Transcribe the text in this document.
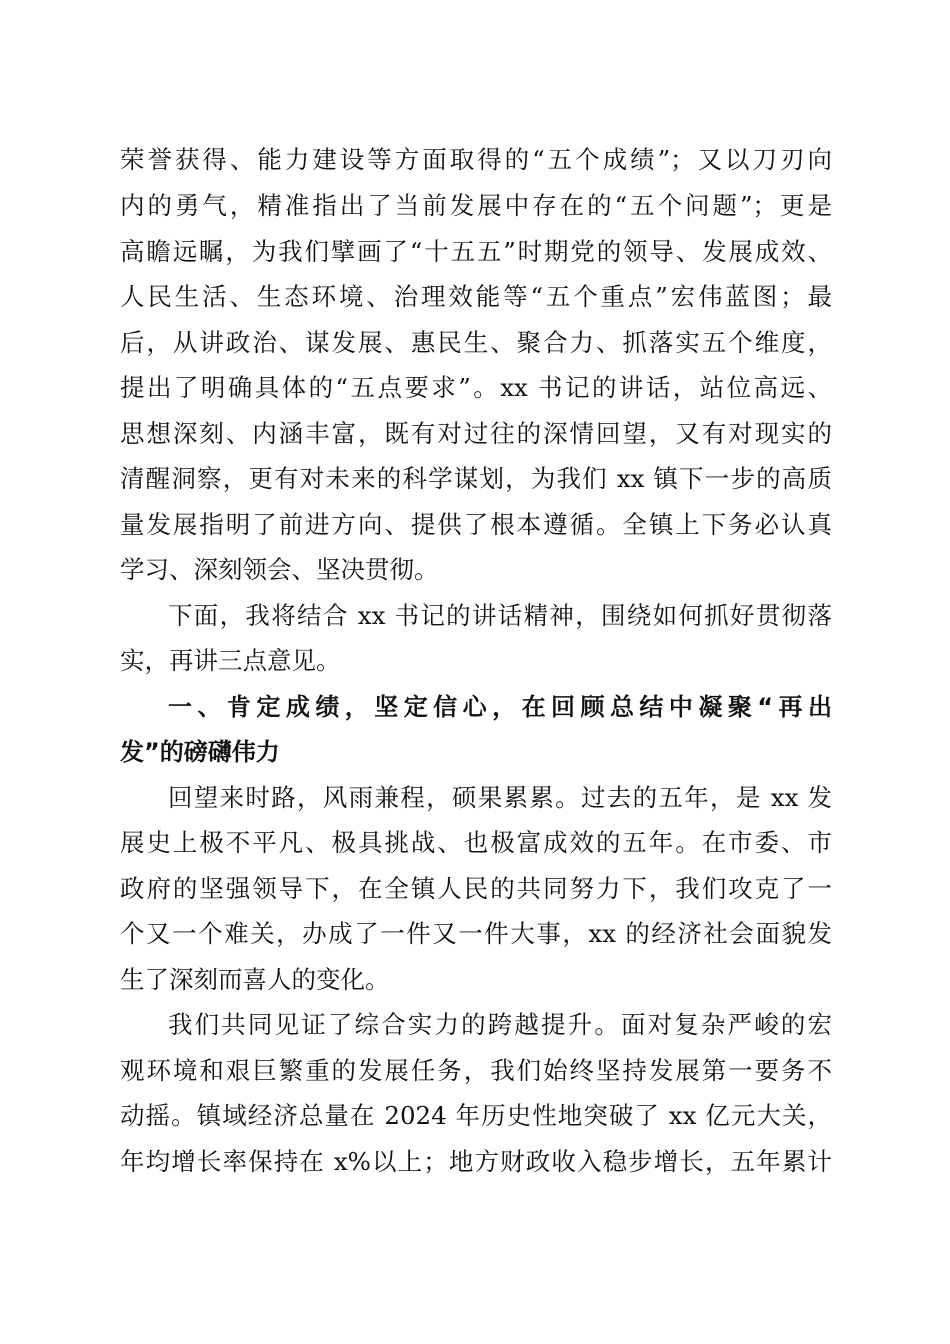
荣誉获得、能力建设等方面取得的“五个成绩”；又以刀刃向
内的勇气，精准指出了当前发展中存在的“五个问题”；更是
高瞻远瞩，为我们擘画了“十五五”时期党的领导、发展成效、
人民生活、生态环境、治理效能等“五个重点”宏伟蓝图；最
后，从讲政治、谋发展、惠民生、聚合力、抓落实五个维度，
提出了明确具体的“五点要求”。xx 书记的讲话，站位高远、
思想深刻、内涵丰富，既有对过往的深情回望，又有对现实的
清醒洞察，更有对未来的科学谋划，为我们 xx 镇下一步的高质
量发展指明了前进方向、提供了根本遵循。全镇上下务必认真
学习、深刻领会、坚决贯彻。
下面，我将结合 xx 书记的讲话精神，围绕如何抓好贯彻落
实，再讲三点意见。
一、肯定成绩，坚定信心，在回顾总结中凝聚“再出
发”的磅礴伟力
回望来时路，风雨兼程，硕果累累。过去的五年，是 xx 发
展史上极不平凡、极具挑战、也极富成效的五年。在市委、市
政府的坚强领导下，在全镇人民的共同努力下，我们攻克了一
个又一个难关，办成了一件又一件大事，xx 的经济社会面貌发
生了深刻而喜人的变化。
我们共同见证了综合实力的跨越提升。面对复杂严峻的宏
观环境和艰巨繁重的发展任务，我们始终坚持发展第一要务不
动摇。镇域经济总量在 2024 年历史性地突破了 xx 亿元大关，
年均增长率保持在 x%以上；地方财政收入稳步增长，五年累计
